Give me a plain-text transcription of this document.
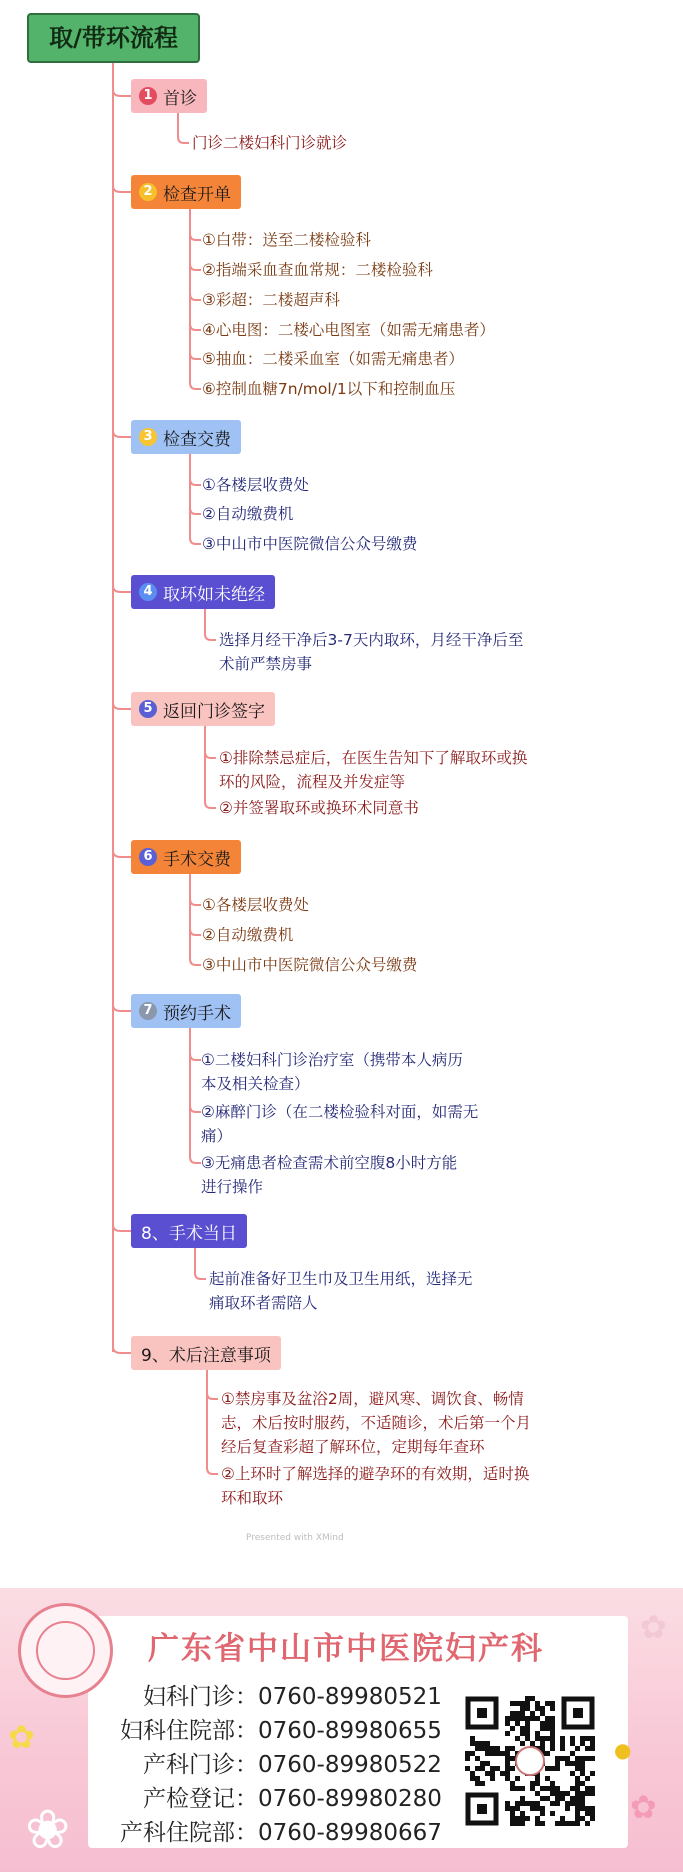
取/带环流程
1 首诊
门诊二楼妇科门诊就诊
2 检查开单
①白带：送至二楼检验科
②指端采血查血常规：二楼检验科
③彩超：二楼超声科
④心电图：二楼心电图室（如需无痛患者）
⑤抽血：二楼采血室（如需无痛患者）
⑥控制血糖7n/mol/1以下和控制血压
3 检查交费
①各楼层收费处
②自动缴费机
③中山市中医院微信公众号缴费
4 取环如未绝经
选择月经干净后3-7天内取环，月经干净后至
术前严禁房事
5 返回门诊签字
①排除禁忌症后，在医生告知下了解取环或换
环的风险，流程及并发症等
②并签署取环或换环术同意书
6 手术交费
①各楼层收费处
②自动缴费机
③中山市中医院微信公众号缴费
7 预约手术
①二楼妇科门诊治疗室（携带本人病历
本及相关检查）
②麻醉门诊（在二楼检验科对面，如需无
痛）
③无痛患者检查需术前空腹8小时方能
进行操作
8、手术当日
起前准备好卫生巾及卫生用纸，选择无
痛取环者需陪人
9、术后注意事项
①禁房事及盆浴2周，避风寒、调饮食、畅情
志，术后按时服药，不适随诊，术后第一个月
经后复查彩超了解环位，定期每年查环
②上环时了解选择的避孕环的有效期，适时换
环和取环
Presented with XMind
✿
✿
❀	✿
●
广东省中山市中医院妇产科
妇科门诊：0760-89980521
妇科住院部：0760-89980655
产科门诊：0760-89980522
产检登记：0760-89980280
产科住院部：0760-89980667
